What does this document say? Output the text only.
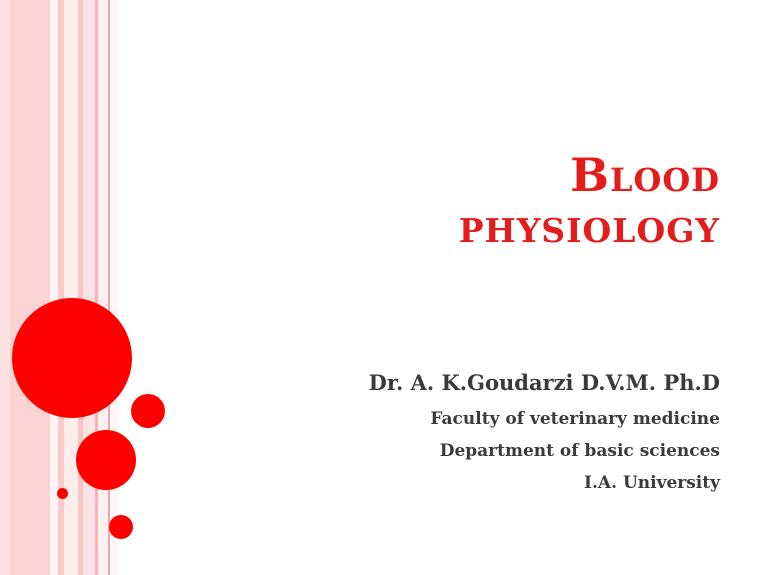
Blood
PHYSIOLOGY
Dr. A. K.Goudarzi D.V.M. Ph.D
Faculty of veterinary medicine
Department of basic sciences
I.A. University
